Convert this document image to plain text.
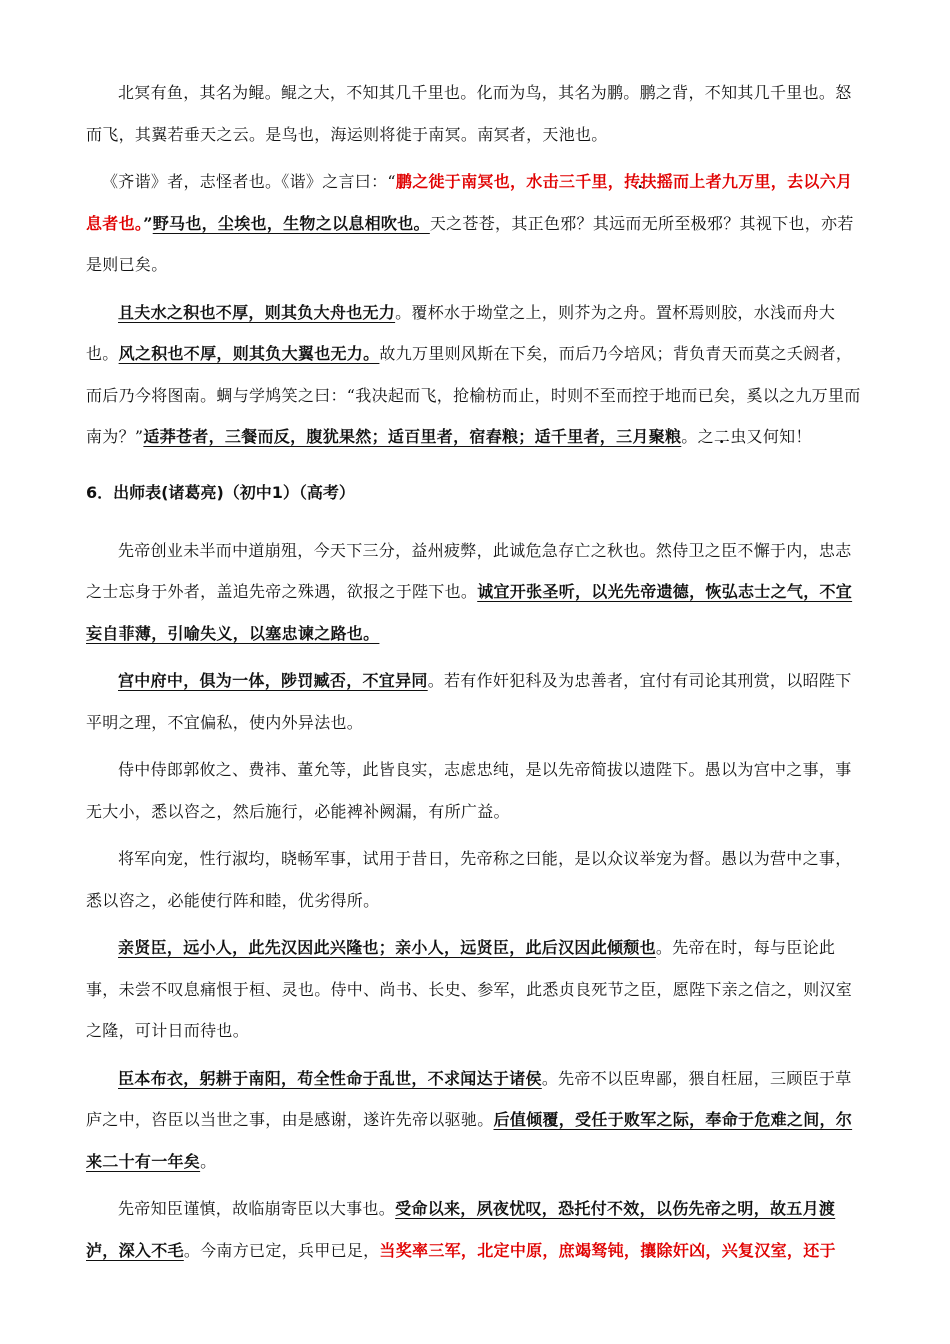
北冥有鱼，其名为鲲。鲲之大，不知其几千里也。化而为鸟，其名为鹏。鹏之背，不知其几千里也。怒而飞，其翼若垂天之云。是鸟也，海运则将徙于南冥。南冥者，天池也。

《齐谐》者，志怪者也。《谐》之言曰：“鹏之徙于南冥也，水击三千里，抟扶摇而上者九万里，去以六月息者也。”野马也，尘埃也，生物之以息相吹也。天之苍苍，其正色邪？其远而无所至极邪？其视下也，亦若是则已矣。

且夫水之积也不厚，则其负大舟也无力。覆杯水于坳堂之上，则芥为之舟。置杯焉则胶，水浅而舟大也。风之积也不厚，则其负大翼也无力。故九万里则风斯在下矣，而后乃今培风；背负青天而莫之夭阏者，而后乃今将图南。蜩与学鸠笑之曰：“我决起而飞，抢榆枋而止，时则不至而控于地而已矣，奚以之九万里而南为？”适莽苍者，三餐而反，腹犹果然；适百里者，宿舂粮；适千里者，三月聚粮。之二虫又何知！

6．出师表(诸葛亮)（初中1）（高考）

先帝创业未半而中道崩殂，今天下三分，益州疲弊，此诚危急存亡之秋也。然侍卫之臣不懈于内，忠志之士忘身于外者，盖追先帝之殊遇，欲报之于陛下也。诚宜开张圣听，以光先帝遗德，恢弘志士之气，不宜妄自菲薄，引喻失义，以塞忠谏之路也。

宫中府中，俱为一体，陟罚臧否，不宜异同。若有作奸犯科及为忠善者，宜付有司论其刑赏，以昭陛下平明之理，不宜偏私，使内外异法也。

侍中侍郎郭攸之、费祎、董允等，此皆良实，志虑忠纯，是以先帝简拔以遗陛下。愚以为宫中之事，事无大小，悉以咨之，然后施行，必能裨补阙漏，有所广益。

将军向宠，性行淑均，晓畅军事，试用于昔日，先帝称之曰能，是以众议举宠为督。愚以为营中之事，悉以咨之，必能使行阵和睦，优劣得所。

亲贤臣，远小人，此先汉因此兴隆也；亲小人，远贤臣，此后汉因此倾颓也。先帝在时，每与臣论此事，未尝不叹息痛恨于桓、灵也。侍中、尚书、长史、参军，此悉贞良死节之臣，愿陛下亲之信之，则汉室之隆，可计日而待也。

臣本布衣，躬耕于南阳，苟全性命于乱世，不求闻达于诸侯。先帝不以臣卑鄙，猥自枉屈，三顾臣于草庐之中，咨臣以当世之事，由是感谢，遂许先帝以驱驰。后值倾覆，受任于败军之际，奉命于危难之间，尔来二十有一年矣。

先帝知臣谨慎，故临崩寄臣以大事也。受命以来，夙夜忧叹，恐托付不效，以伤先帝之明，故五月渡泸，深入不毛。今南方已定，兵甲已足，当奖率三军，北定中原，庶竭驽钝，攘除奸凶，兴复汉室，还于
